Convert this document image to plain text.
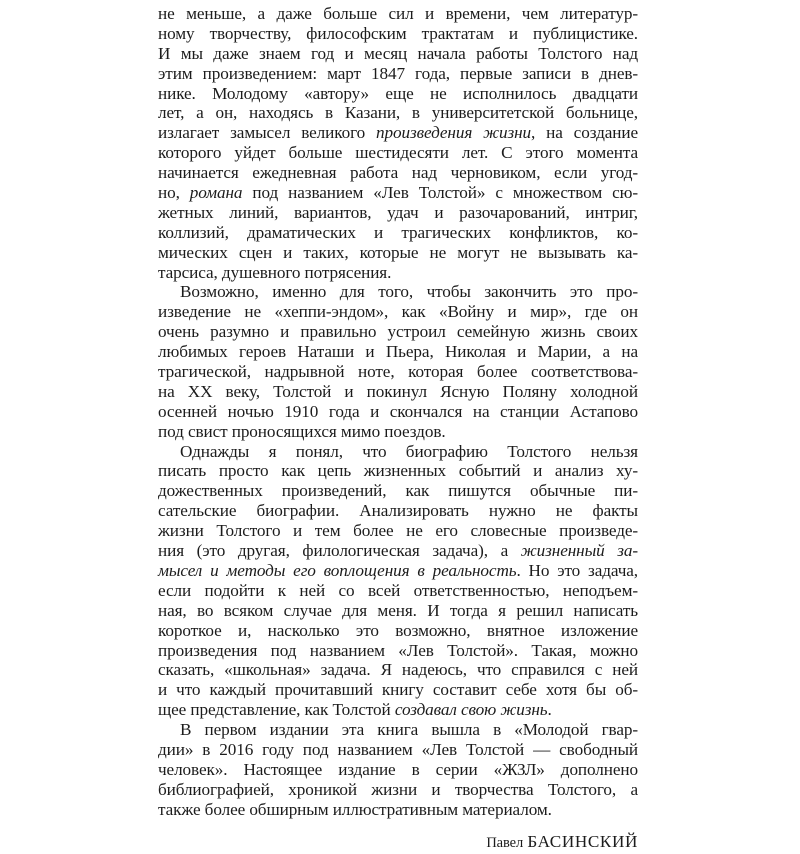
не меньше, а даже больше сил и времени, чем литератур-
ному творчеству, философским трактатам и публицистике.
И мы даже знаем год и месяц начала работы Толстого над
этим произведением: март 1847 года, первые записи в днев-
нике. Молодому «автору» еще не исполнилось двадцати
лет, а он, находясь в Казани, в университетской больнице,
излагает замысел великого произведения жизни, на создание
которого уйдет больше шестидесяти лет. С этого момента
начинается ежедневная работа над черновиком, если угод-
но, романа под названием «Лев Толстой» с множеством сю-
жетных линий, вариантов, удач и разочарований, интриг,
коллизий, драматических и трагических конфликтов, ко-
мических сцен и таких, которые не могут не вызывать ка-
тарсиса, душевного потрясения.
Возможно, именно для того, чтобы закончить это про-
изведение не «хеппи-эндом», как «Войну и мир», где он
очень разумно и правильно устроил семейную жизнь своих
любимых героев Наташи и Пьера, Николая и Марии, а на
трагической, надрывной ноте, которая более соответствова-
на XX веку, Толстой и покинул Ясную Поляну холодной
осенней ночью 1910 года и скончался на станции Астапово
под свист проносящихся мимо поездов.
Однажды я понял, что биографию Толстого нельзя
писать просто как цепь жизненных событий и анализ ху-
дожественных произведений, как пишутся обычные пи-
сательские биографии. Анализировать нужно не факты
жизни Толстого и тем более не его словесные произведе-
ния (это другая, филологическая задача), а жизненный за-
мысел и методы его воплощения в реальность. Но это задача,
если подойти к ней со всей ответственностью, неподъем-
ная, во всяком случае для меня. И тогда я решил написать
короткое и, насколько это возможно, внятное изложение
произведения под названием «Лев Толстой». Такая, можно
сказать, «школьная» задача. Я надеюсь, что справился с ней
и что каждый прочитавший книгу составит себе хотя бы об-
щее представление, как Толстой создавал свою жизнь.
В первом издании эта книга вышла в «Молодой гвар-
дии» в 2016 году под названием «Лев Толстой — свободный
человек». Настоящее издание в серии «ЖЗЛ» дополнено
библиографией, хроникой жизни и творчества Толстого, а
также более обширным иллюстративным материалом.
Павел БАСИНСКИЙ
